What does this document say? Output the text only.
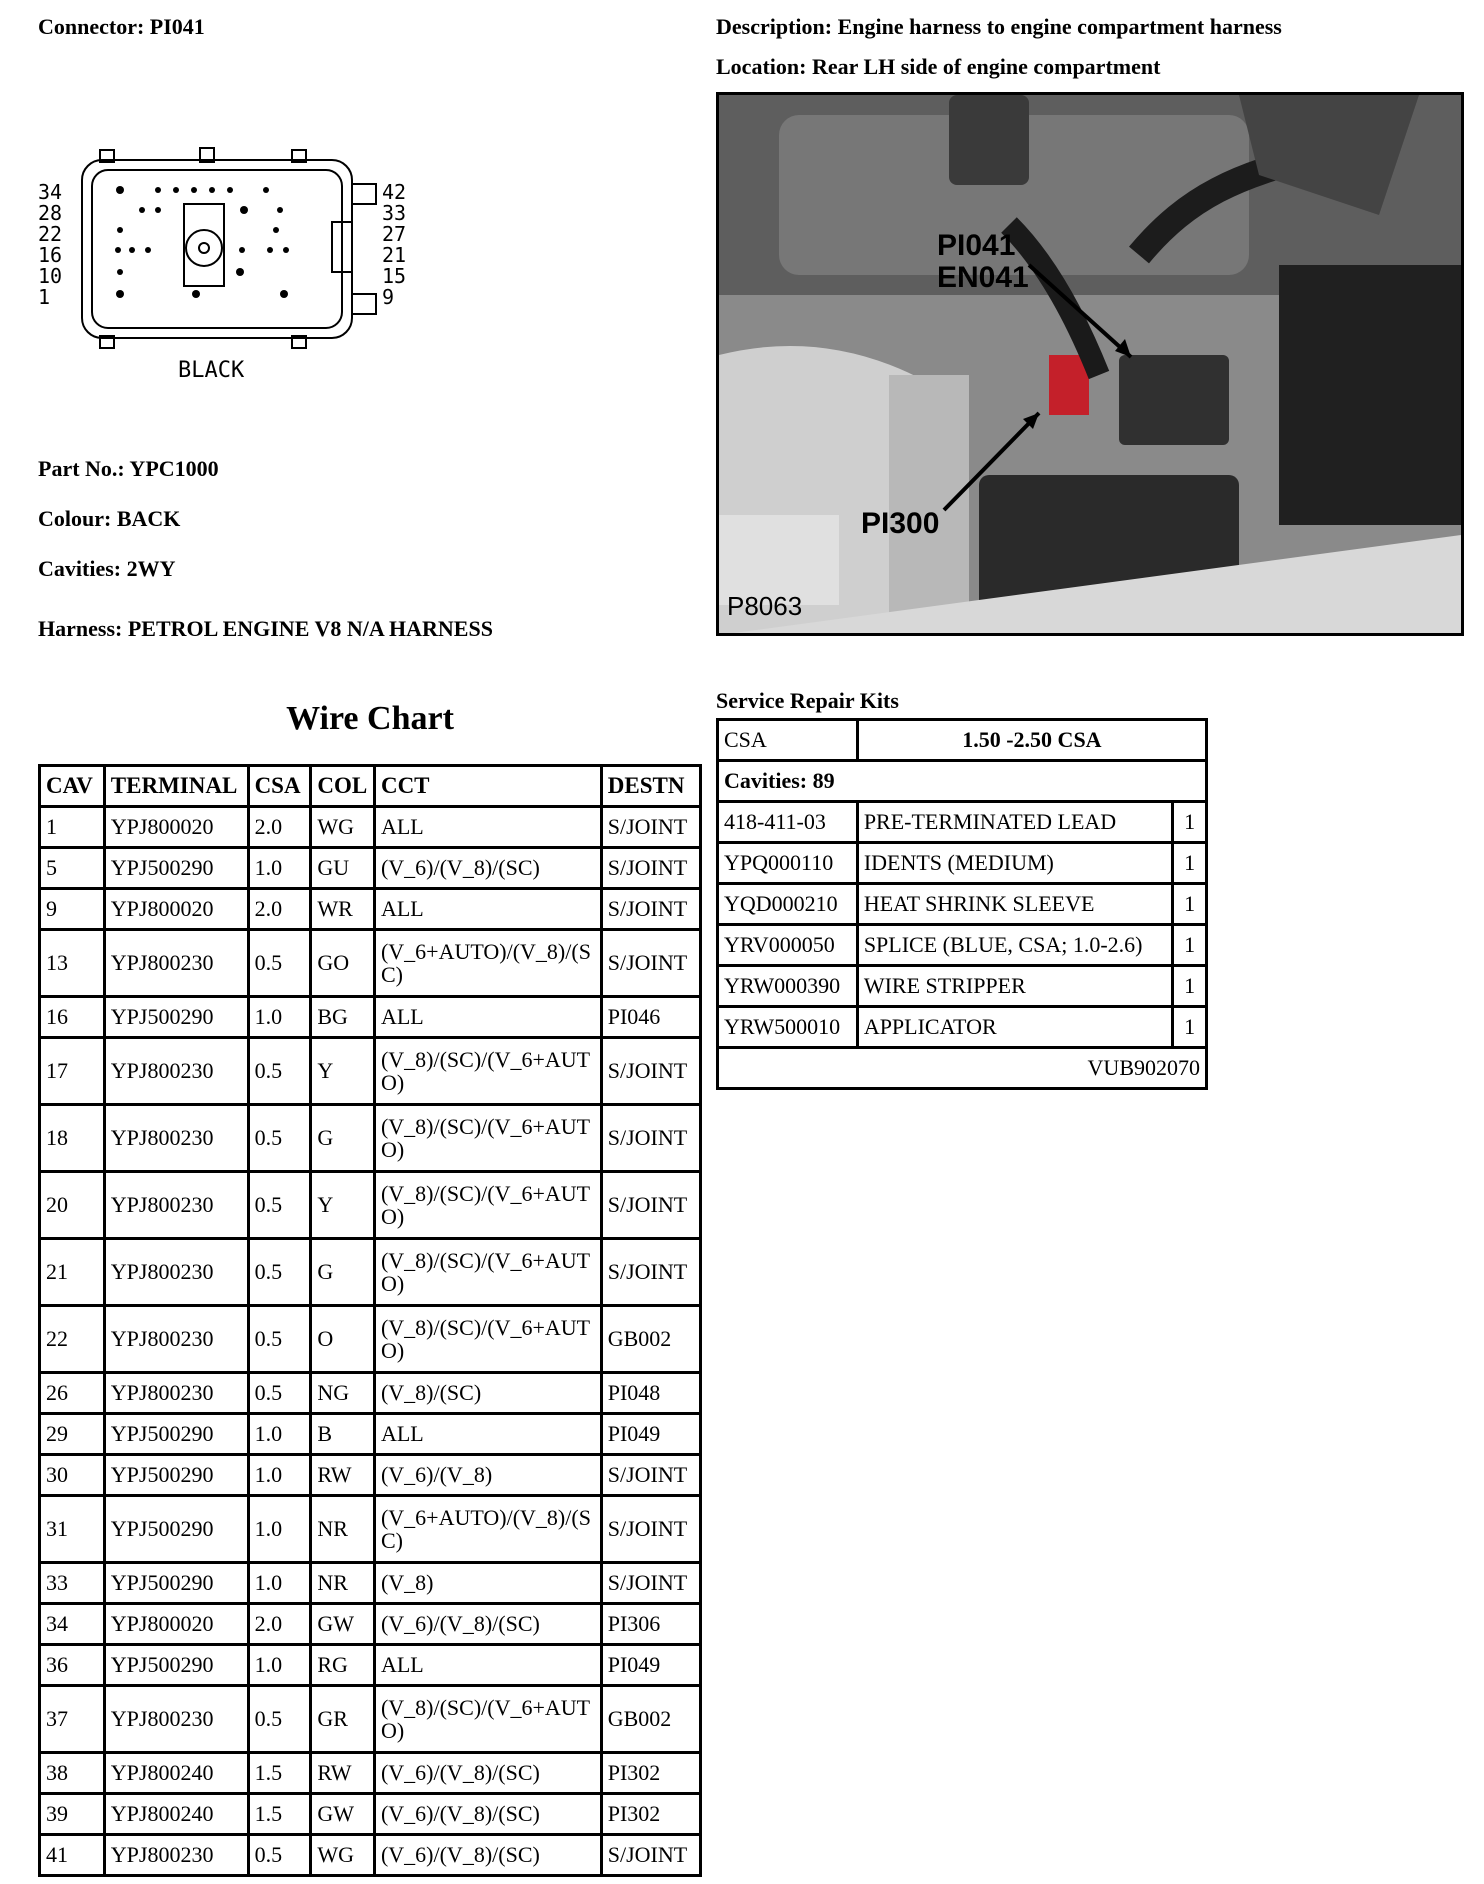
Connector: PI041	Description: Engine harness to engine compartment harness
Location: Rear LH side of engine compartment
34
28
22
16
10
1
42
33
27
21
15
9
BLACK
Part No.: YPC1000
Colour: BACK
Cavities: 2WY
Harness: PETROL ENGINE V8 N/A HARNESS
PI041
EN041
PI300
P8063
Wire Chart
CAV	TERMINAL	CSA	COL	CCT	DESTN
1	YPJ800020	2.0	WG	ALL	S/JOINT
5	YPJ500290	1.0	GU	(V_6)/(V_8)/(SC)	S/JOINT
9	YPJ800020	2.0	WR	ALL	S/JOINT
13	YPJ800230	0.5	GO	(V_6+AUTO)/(V_8)/(SC)	S/JOINT
16	YPJ500290	1.0	BG	ALL	PI046
17	YPJ800230	0.5	Y	(V_8)/(SC)/(V_6+AUTO)	S/JOINT
18	YPJ800230	0.5	G	(V_8)/(SC)/(V_6+AUTO)	S/JOINT
20	YPJ800230	0.5	Y	(V_8)/(SC)/(V_6+AUTO)	S/JOINT
21	YPJ800230	0.5	G	(V_8)/(SC)/(V_6+AUTO)	S/JOINT
22	YPJ800230	0.5	O	(V_8)/(SC)/(V_6+AUTO)	GB002
26	YPJ800230	0.5	NG	(V_8)/(SC)	PI048
29	YPJ500290	1.0	B	ALL	PI049
30	YPJ500290	1.0	RW	(V_6)/(V_8)	S/JOINT
31	YPJ500290	1.0	NR	(V_6+AUTO)/(V_8)/(SC)	S/JOINT
33	YPJ500290	1.0	NR	(V_8)	S/JOINT
34	YPJ800020	2.0	GW	(V_6)/(V_8)/(SC)	PI306
36	YPJ500290	1.0	RG	ALL	PI049
37	YPJ800230	0.5	GR	(V_8)/(SC)/(V_6+AUTO)	GB002
38	YPJ800240	1.5	RW	(V_6)/(V_8)/(SC)	PI302
39	YPJ800240	1.5	GW	(V_6)/(V_8)/(SC)	PI302
41	YPJ800230	0.5	WG	(V_6)/(V_8)/(SC)	S/JOINT
Service Repair Kits
CSA	1.50 -2.50 CSA	
Cavities: 89		
418-411-03	PRE-TERMINATED LEAD	1
YPQ000110	IDENTS (MEDIUM)	1
YQD000210	HEAT SHRINK SLEEVE	1
YRV000050	SPLICE (BLUE, CSA; 1.0-2.6)	1
YRW000390	WIRE STRIPPER	1
YRW500010	APPLICATOR	1
VUB902070		
